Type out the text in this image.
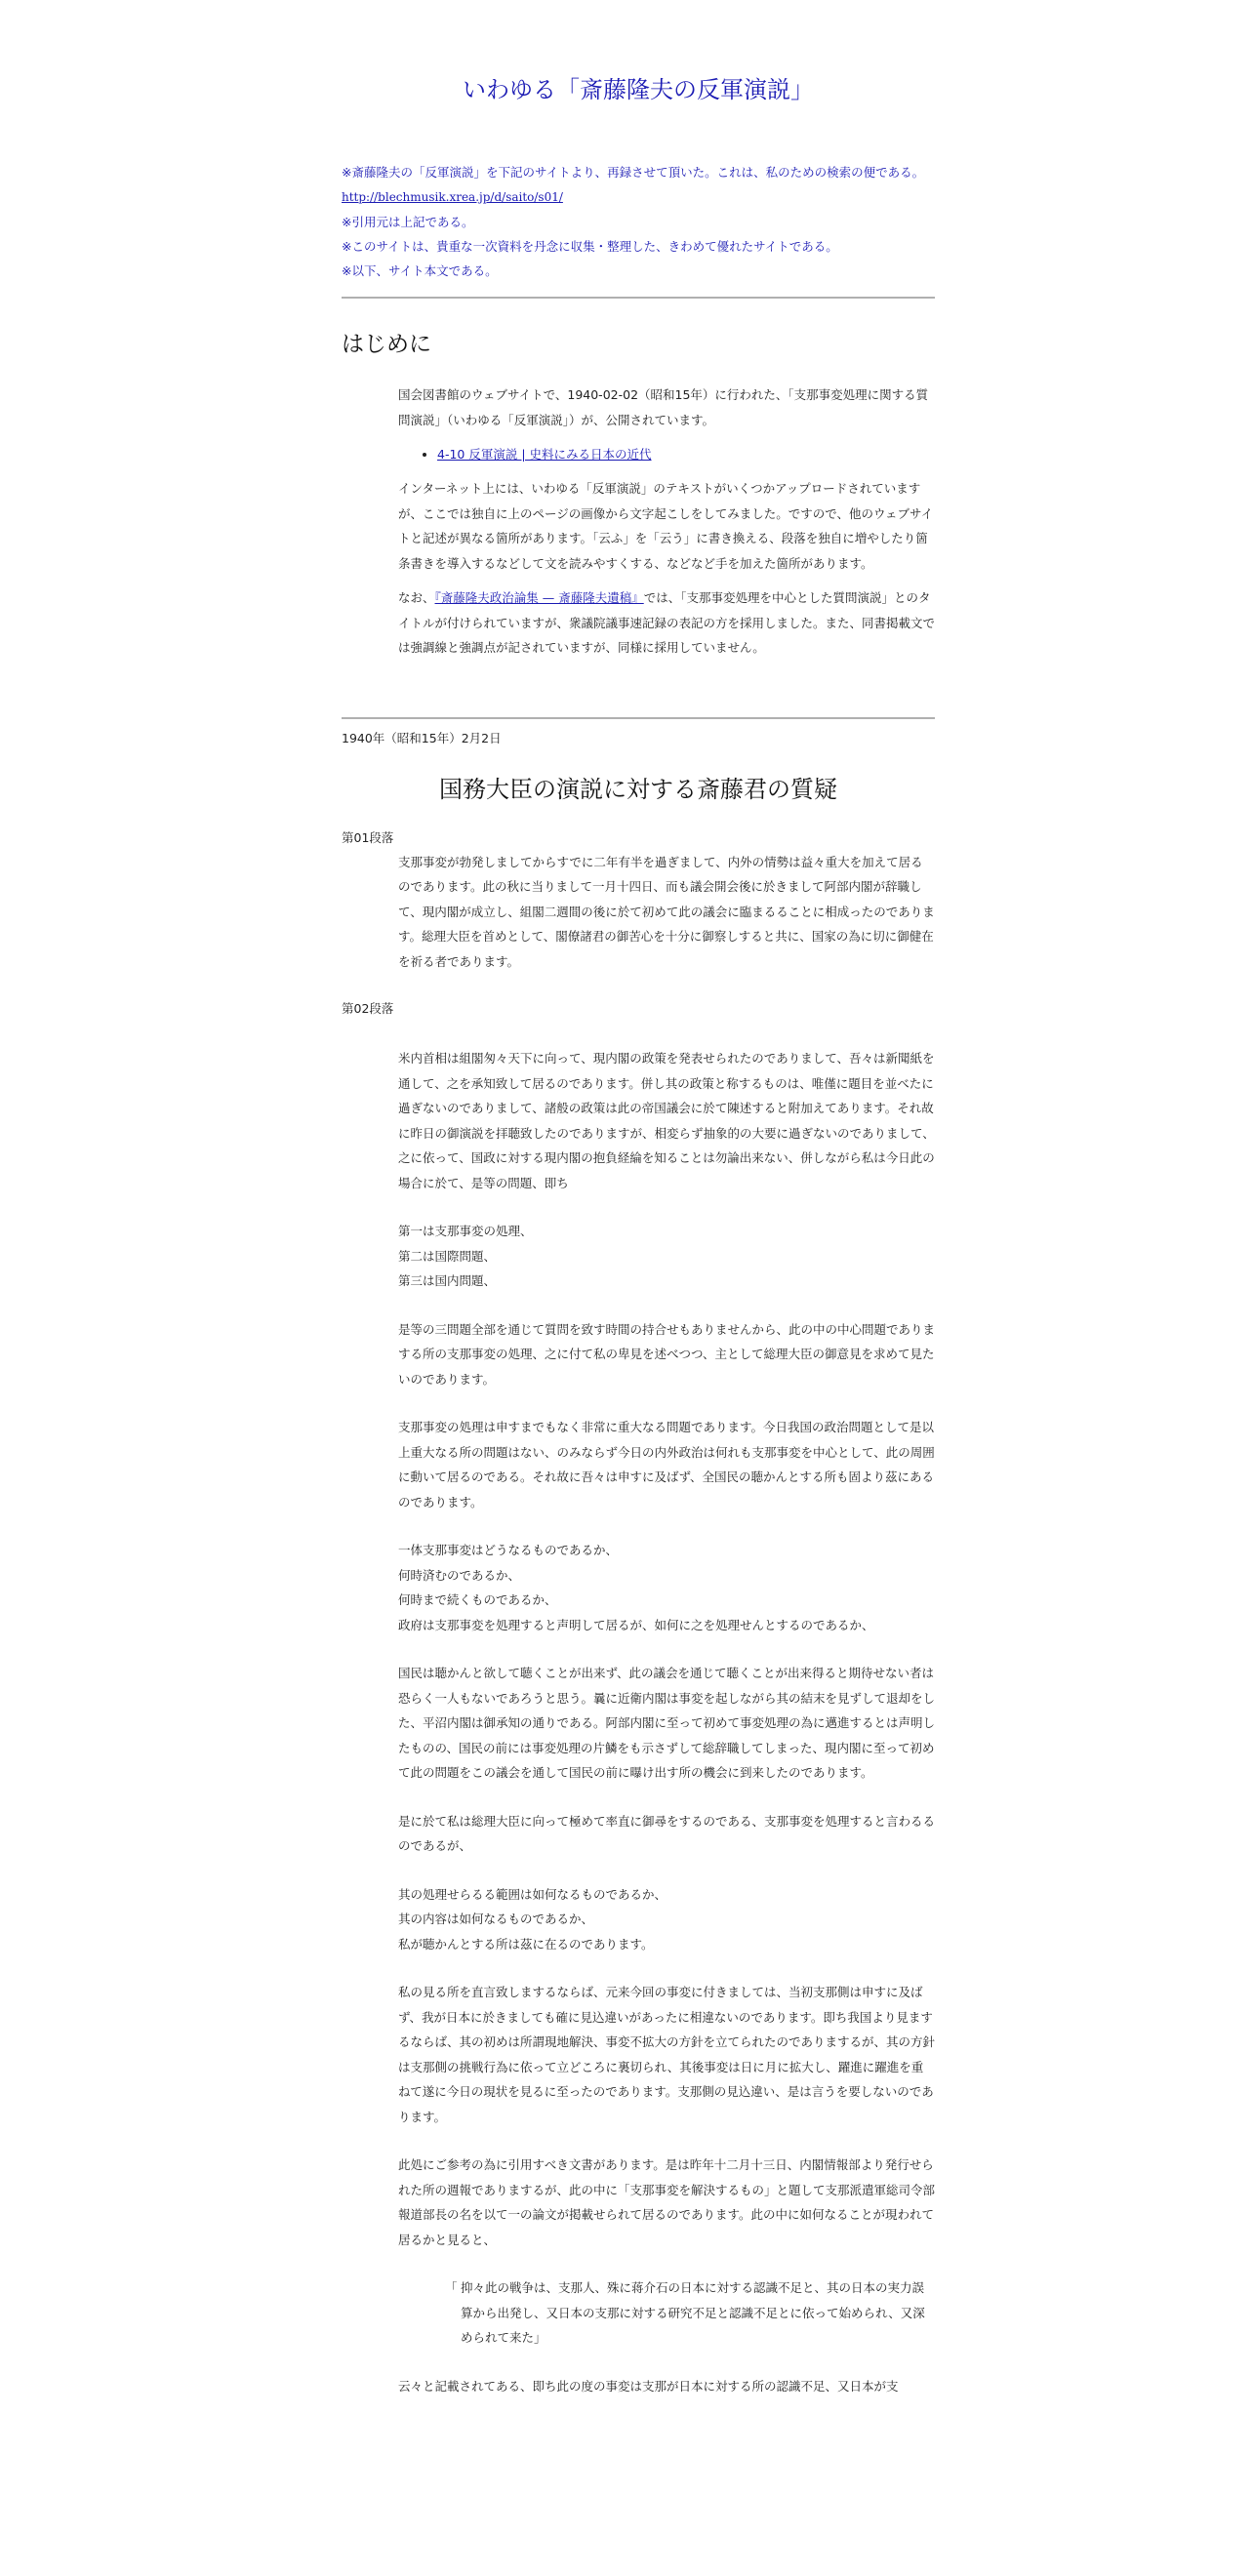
いわゆる「斎藤隆夫の反軍演説」
※斎藤隆夫の「反軍演説」を下記のサイトより、再録させて頂いた。これは、私のための検索の便である。
http://blechmusik.xrea.jp/d/saito/s01/
※引用元は上記である。
※このサイトは、貴重な一次資料を丹念に収集・整理した、きわめて優れたサイトである。
※以下、サイト本文である。
はじめに

国会図書館のウェブサイトで、1940-02-02（昭和15年）に行われた、「支那事変処理に関する質問演説」（いわゆる「反軍演説」）が、公開されています。

• 4-10 反軍演説 | 史料にみる日本の近代

インターネット上には、いわゆる「反軍演説」のテキストがいくつかアップロードされていますが、ここでは独自に上のページの画像から文字起こしをしてみました。ですので、他のウェブサイトと記述が異なる箇所があります。「云ふ」を「云う」に書き換える、段落を独自に増やしたり箇条書きを導入するなどして文を読みやすくする、などなど手を加えた箇所があります。

なお、『斎藤隆夫政治論集 — 斎藤隆夫遺稿』では、「支那事変処理を中心とした質問演説」とのタイトルが付けられていますが、衆議院議事速記録の表記の方を採用しました。また、同書掲載文では強調線と強調点が記されていますが、同様に採用していません。

1940年（昭和15年）2月2日
国務大臣の演説に対する斎藤君の質疑
第01段落

支那事変が勃発しましてからすでに二年有半を過ぎまして、内外の情勢は益々重大を加えて居るのであります。此の秋に当りまして一月十四日、而も議会開会後に於きまして阿部内閣が辞職して、現内閣が成立し、組閣二週間の後に於て初めて此の議会に臨まるることに相成ったのであります。総理大臣を首めとして、閣僚諸君の御苦心を十分に御察しすると共に、国家の為に切に御健在を祈る者であります。

第02段落

米内首相は組閣匆々天下に向って、現内閣の政策を発表せられたのでありまして、吾々は新聞紙を通して、之を承知致して居るのであります。併し其の政策と称するものは、唯僅に題目を並べたに過ぎないのでありまして、諸般の政策は此の帝国議会に於て陳述すると附加えてあります。それ故に昨日の御演説を拝聴致したのでありますが、相変らず抽象的の大要に過ぎないのでありまして、之に依って、国政に対する現内閣の抱負経綸を知ることは勿論出来ない、併しながら私は今日此の場合に於て、是等の問題、即ち

第一は支那事変の処理、

第二は国際問題、

第三は国内問題、

是等の三問題全部を通じて質問を致す時間の持合せもありませんから、此の中の中心問題でありまする所の支那事変の処理、之に付て私の卑見を述べつつ、主として総理大臣の御意見を求めて見たいのであります。

支那事変の処理は申すまでもなく非常に重大なる問題であります。今日我国の政治問題として是以上重大なる所の問題はない、のみならず今日の内外政治は何れも支那事変を中心として、此の周囲に動いて居るのである。それ故に吾々は申すに及ばず、全国民の聴かんとする所も固より茲にあるのであります。

一体支那事変はどうなるものであるか、

何時済むのであるか、

何時まで続くものであるか、

政府は支那事変を処理すると声明して居るが、如何に之を処理せんとするのであるか、

国民は聴かんと欲して聴くことが出来ず、此の議会を通じて聴くことが出来得ると期待せない者は恐らく一人もないであろうと思う。曩に近衛内閣は事変を起しながら其の結末を見ずして退却をした、平沼内閣は御承知の通りである。阿部内閣に至って初めて事変処理の為に邁進するとは声明したものの、国民の前には事変処理の片鱗をも示さずして総辞職してしまった、現内閣に至って初めて此の問題をこの議会を通して国民の前に曝け出す所の機会に到来したのであります。

是に於て私は総理大臣に向って極めて率直に御尋をするのである、支那事変を処理すると言わるるのであるが、

其の処理せらるる範囲は如何なるものであるか、

其の内容は如何なるものであるか、

私が聴かんとする所は茲に在るのであります。

私の見る所を直言致しまするならば、元来今回の事変に付きましては、当初支那側は申すに及ばず、我が日本に於きましても確に見込違いがあったに相違ないのであります。即ち我国より見まするならば、其の初めは所謂現地解決、事変不拡大の方針を立てられたのでありまするが、其の方針は支那側の挑戦行為に依って立どころに裏切られ、其後事変は日に月に拡大し、躍進に躍進を重ねて遂に今日の現状を見るに至ったのであります。支那側の見込違い、是は言うを要しないのであります。

此処にご参考の為に引用すべき文書があります。是は昨年十二月十三日、内閣情報部より発行せられた所の週報でありまするが、此の中に「支那事変を解決するもの」と題して支那派遣軍総司令部報道部長の名を以て一の論文が掲載せられて居るのであります。此の中に如何なることが現われて居るかと見ると、

「 抑々此の戦争は、支那人、殊に蒋介石の日本に対する認識不足と、其の日本の実力誤算から出発し、又日本の支那に対する研究不足と認識不足とに依って始められ、又深められて来た」

云々と記載されてある、即ち此の度の事変は支那が日本に対する所の認識不足、又日本が支
